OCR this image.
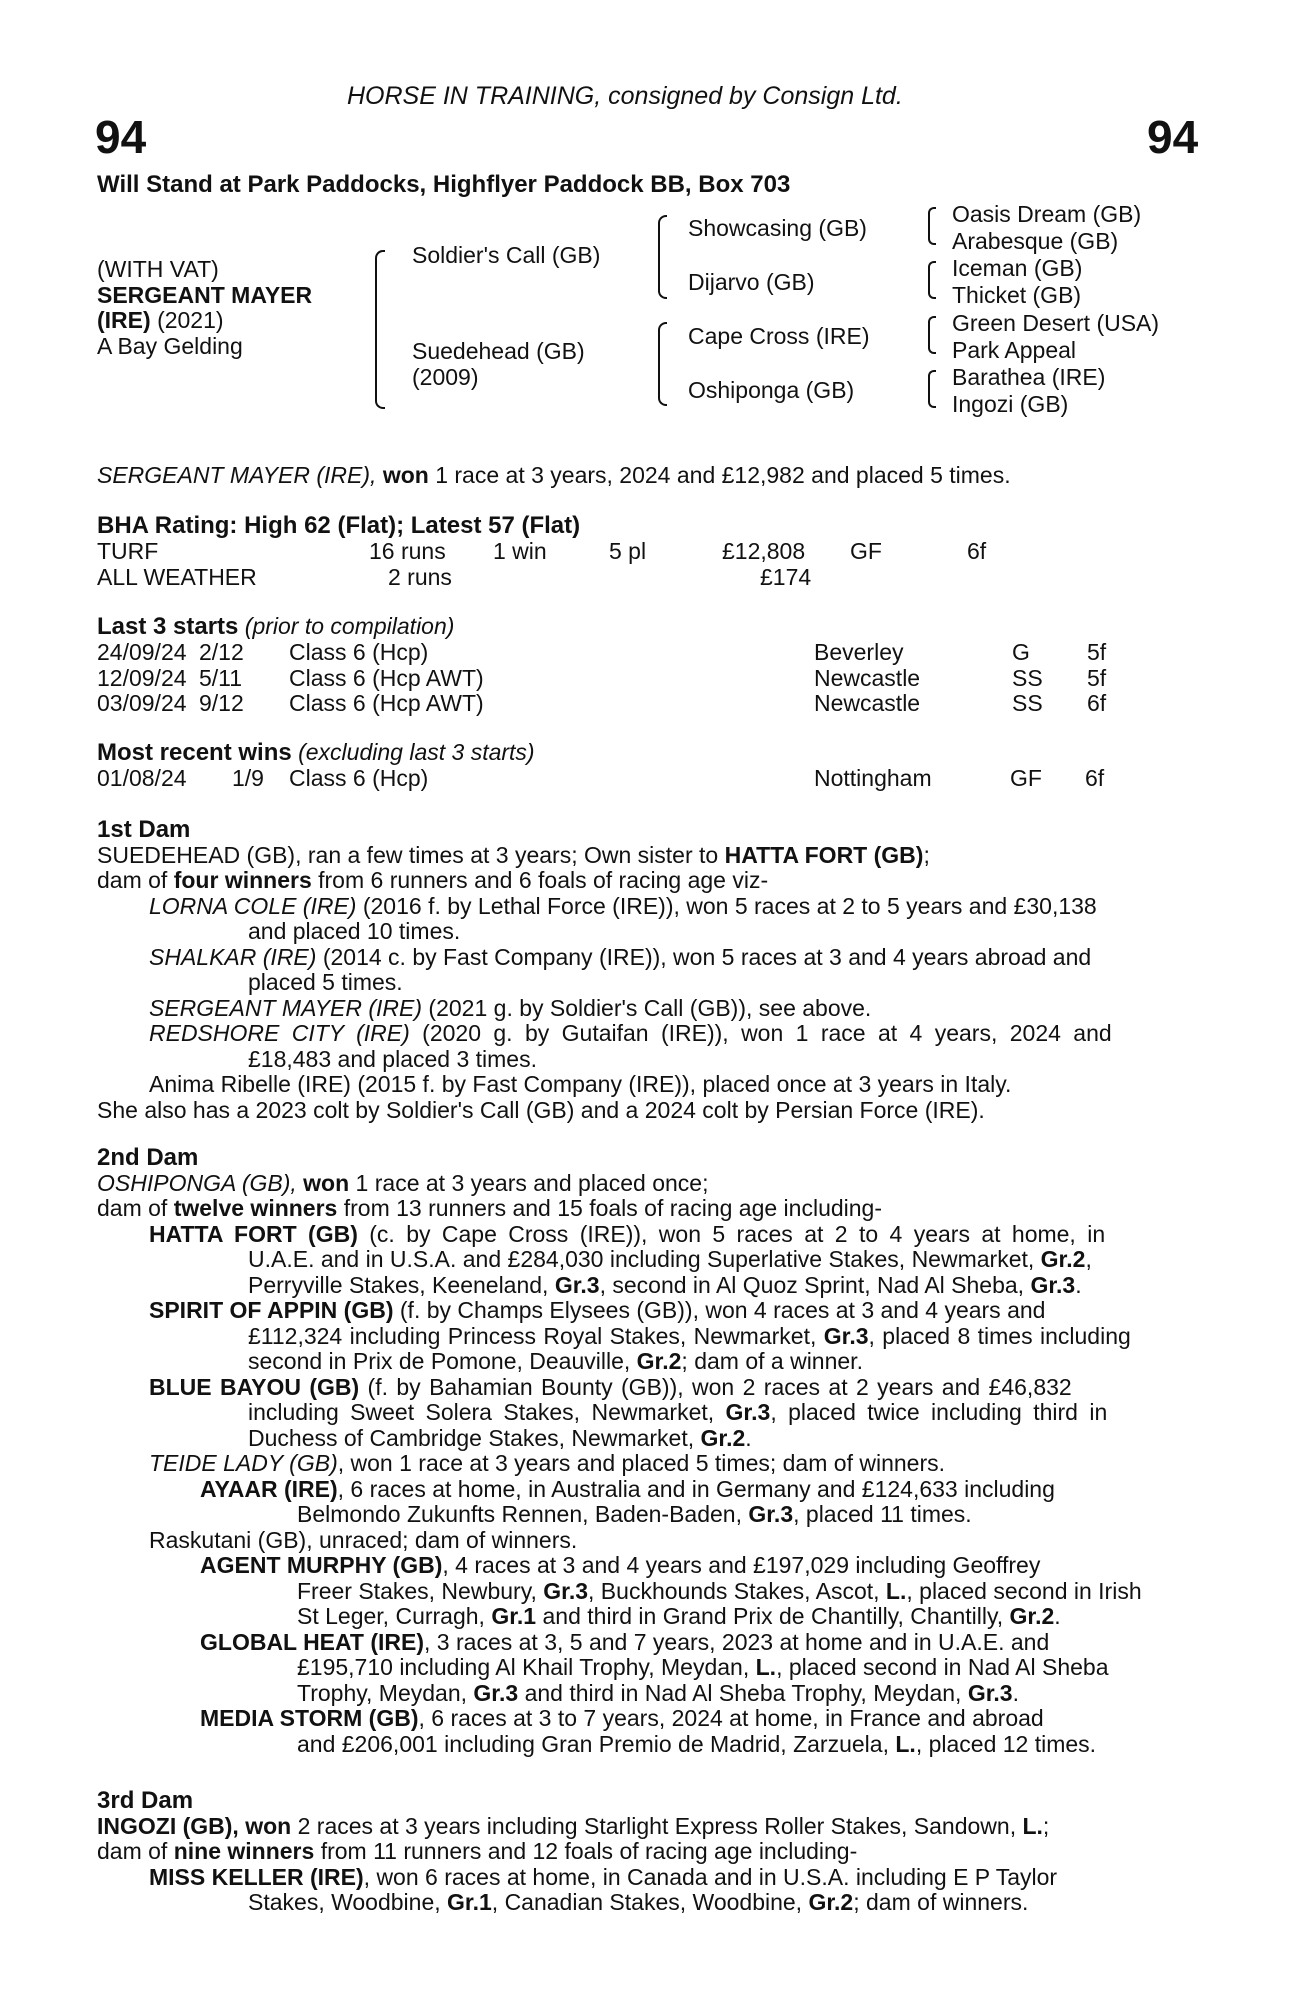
HORSE IN TRAINING, consigned by Consign Ltd.
94	94
Will Stand at Park Paddocks, Highflyer Paddock BB, Box 703
(WITH VAT)
SERGEANT MAYER
(IRE) (2021)
A Bay Gelding
Soldier's Call (GB)
Suedehead (GB)
(2009)
Showcasing (GB)
Dijarvo (GB)
Cape Cross (IRE)
Oshiponga (GB)
Oasis Dream (GB)
Arabesque (GB)
Iceman (GB)
Thicket (GB)
Green Desert (USA)
Park Appeal
Barathea (IRE)
Ingozi (GB)
SERGEANT MAYER (IRE), won 1 race at 3 years, 2024 and £12,982 and placed 5 times.
BHA Rating: High 62 (Flat); Latest 57 (Flat)
TURF	16 runs	1 win	5 pl	£12,808	GF	6f
ALL WEATHER	2 runs			£174		
Last 3 starts (prior to compilation)
24/09/24	2/12	Class 6 (Hcp)	Beverley	G	5f
12/09/24	5/11	Class 6 (Hcp AWT)	Newcastle	SS	5f
03/09/24	9/12	Class 6 (Hcp AWT)	Newcastle	SS	6f
Most recent wins (excluding last 3 starts)
01/08/24	1/9	Class 6 (Hcp)	Nottingham	GF	6f
1st Dam
SUEDEHEAD (GB), ran a few times at 3 years; Own sister to HATTA FORT (GB);
dam of four winners from 6 runners and 6 foals of racing age viz-
LORNA COLE (IRE) (2016 f. by Lethal Force (IRE)), won 5 races at 2 to 5 years and £30,138
and placed 10 times.
SHALKAR (IRE) (2014 c. by Fast Company (IRE)), won 5 races at 3 and 4 years abroad and
placed 5 times.
SERGEANT MAYER (IRE) (2021 g. by Soldier's Call (GB)), see above.
REDSHORE CITY (IRE) (2020 g. by Gutaifan (IRE)), won 1 race at 4 years, 2024 and
£18,483 and placed 3 times.
Anima Ribelle (IRE) (2015 f. by Fast Company (IRE)), placed once at 3 years in Italy.
She also has a 2023 colt by Soldier's Call (GB) and a 2024 colt by Persian Force (IRE).
2nd Dam
OSHIPONGA (GB), won 1 race at 3 years and placed once;
dam of twelve winners from 13 runners and 15 foals of racing age including-
HATTA FORT (GB) (c. by Cape Cross (IRE)), won 5 races at 2 to 4 years at home, in
U.A.E. and in U.S.A. and £284,030 including Superlative Stakes, Newmarket, Gr.2,
Perryville Stakes, Keeneland, Gr.3, second in Al Quoz Sprint, Nad Al Sheba, Gr.3.
SPIRIT OF APPIN (GB) (f. by Champs Elysees (GB)), won 4 races at 3 and 4 years and
£112,324 including Princess Royal Stakes, Newmarket, Gr.3, placed 8 times including
second in Prix de Pomone, Deauville, Gr.2; dam of a winner.
BLUE BAYOU (GB) (f. by Bahamian Bounty (GB)), won 2 races at 2 years and £46,832
including Sweet Solera Stakes, Newmarket, Gr.3, placed twice including third in
Duchess of Cambridge Stakes, Newmarket, Gr.2.
TEIDE LADY (GB), won 1 race at 3 years and placed 5 times; dam of winners.
AYAAR (IRE), 6 races at home, in Australia and in Germany and £124,633 including
Belmondo Zukunfts Rennen, Baden-Baden, Gr.3, placed 11 times.
Raskutani (GB), unraced; dam of winners.
AGENT MURPHY (GB), 4 races at 3 and 4 years and £197,029 including Geoffrey
Freer Stakes, Newbury, Gr.3, Buckhounds Stakes, Ascot, L., placed second in Irish
St Leger, Curragh, Gr.1 and third in Grand Prix de Chantilly, Chantilly, Gr.2.
GLOBAL HEAT (IRE), 3 races at 3, 5 and 7 years, 2023 at home and in U.A.E. and
£195,710 including Al Khail Trophy, Meydan, L., placed second in Nad Al Sheba
Trophy, Meydan, Gr.3 and third in Nad Al Sheba Trophy, Meydan, Gr.3.
MEDIA STORM (GB), 6 races at 3 to 7 years, 2024 at home, in France and abroad
and £206,001 including Gran Premio de Madrid, Zarzuela, L., placed 12 times.
3rd Dam
INGOZI (GB), won 2 races at 3 years including Starlight Express Roller Stakes, Sandown, L.;
dam of nine winners from 11 runners and 12 foals of racing age including-
MISS KELLER (IRE), won 6 races at home, in Canada and in U.S.A. including E P Taylor
Stakes, Woodbine, Gr.1, Canadian Stakes, Woodbine, Gr.2; dam of winners.
